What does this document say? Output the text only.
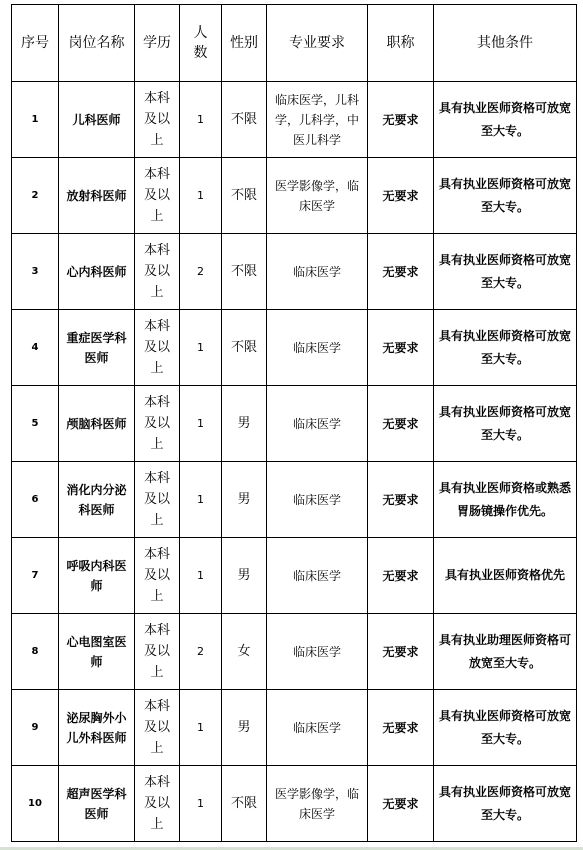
序号	岗位名称	学历	人数	性别	专业要求	职称	其他条件
1	儿科医师	本科及以上	1	不限	临床医学，儿科学，儿科学，中医儿科学	无要求	具有执业医师资格可放宽至大专。
2	放射科医师	本科及以上	1	不限	医学影像学，临床医学	无要求	具有执业医师资格可放宽至大专。
3	心内科医师	本科及以上	2	不限	临床医学	无要求	具有执业医师资格可放宽至大专。
4	重症医学科医师	本科及以上	1	不限	临床医学	无要求	具有执业医师资格可放宽至大专。
5	颅脑科医师	本科及以上	1	男	临床医学	无要求	具有执业医师资格可放宽至大专。
6	消化内分泌科医师	本科及以上	1	男	临床医学	无要求	具有执业医师资格或熟悉胃肠镜操作优先。
7	呼吸内科医师	本科及以上	1	男	临床医学	无要求	具有执业医师资格优先
8	心电图室医师	本科及以上	2	女	临床医学	无要求	具有执业助理医师资格可放宽至大专。
9	泌尿胸外小儿外科医师	本科及以上	1	男	临床医学	无要求	具有执业医师资格可放宽至大专。
10	超声医学科医师	本科及以上	1	不限	医学影像学，临床医学	无要求	具有执业医师资格可放宽至大专。
